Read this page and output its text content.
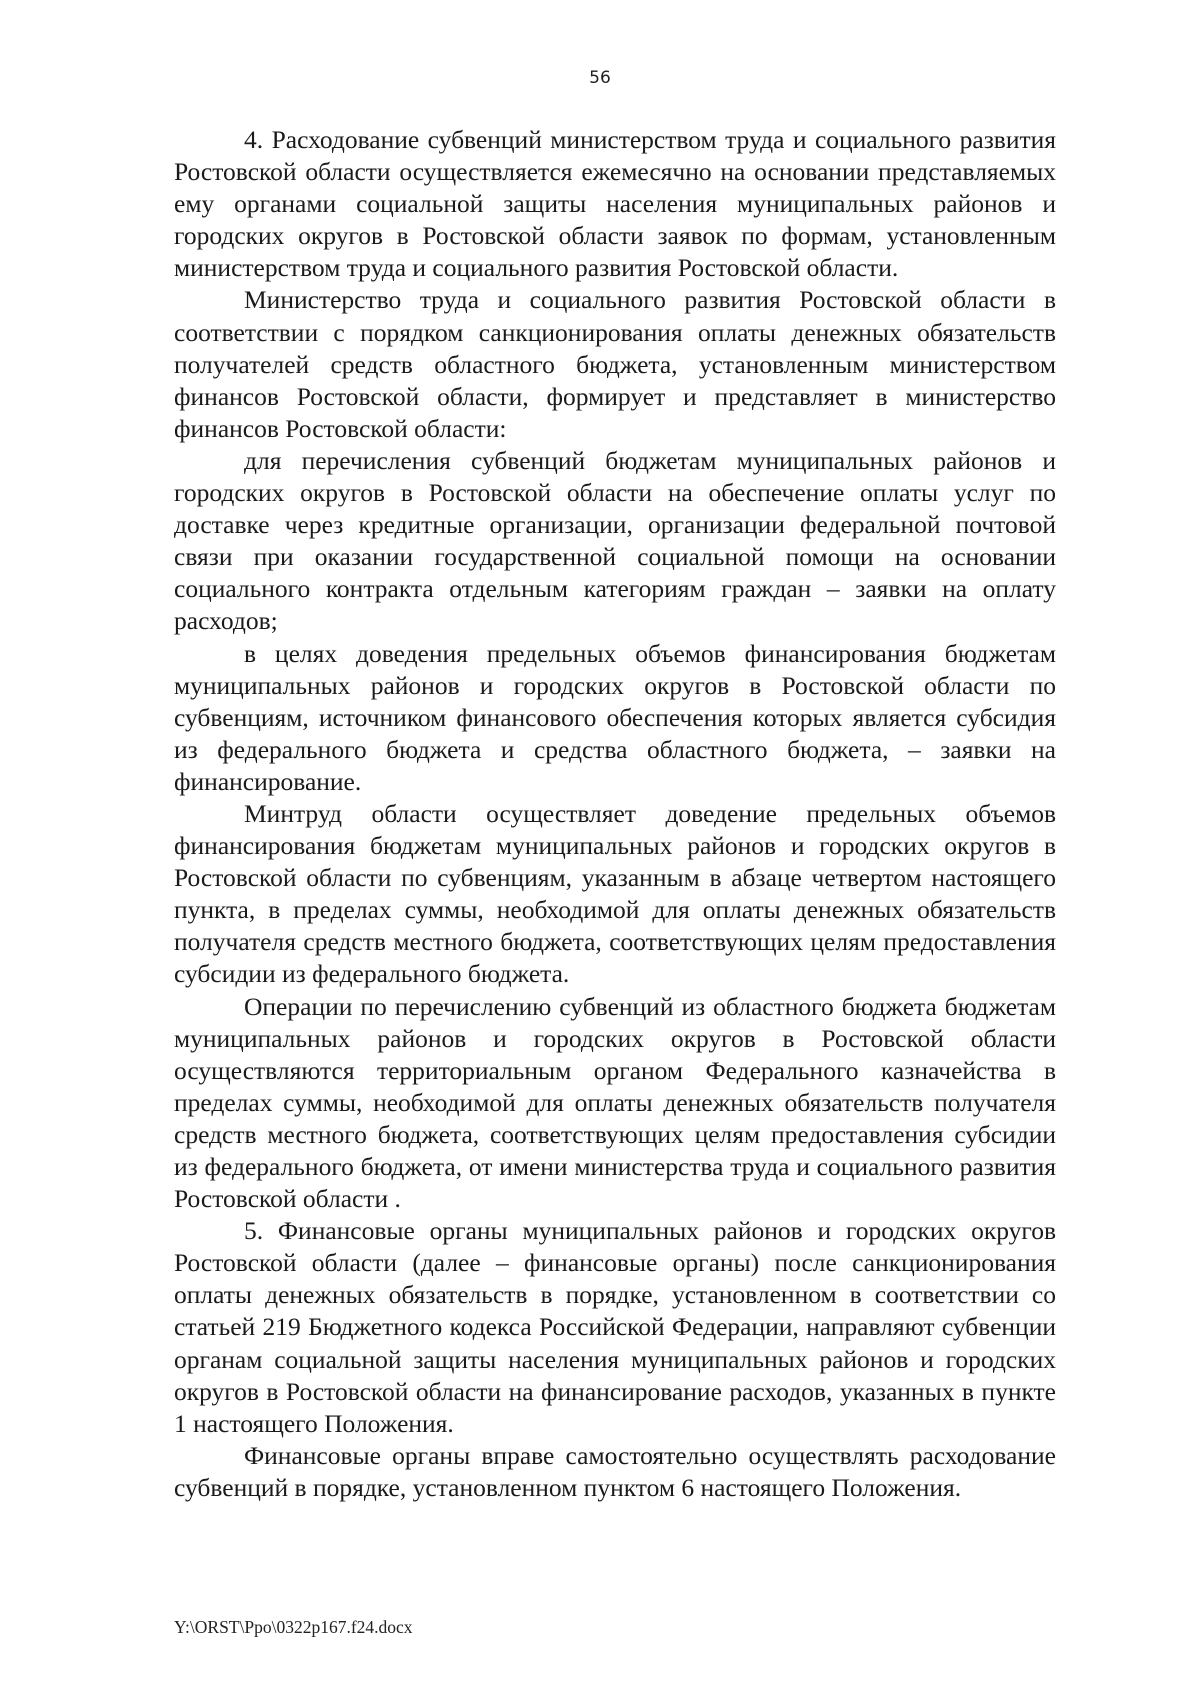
56

4. Расходование субвенций министерством труда и социального развития Ростовской области осуществляется ежемесячно на основании представляемых ему органами социальной защиты населения муниципальных районов и городских округов в Ростовской области заявок по формам, установленным министерством труда и социального развития Ростовской области.

Министерство труда и социального развития Ростовской области в соответствии с порядком санкционирования оплаты денежных обязательств получателей средств областного бюджета, установленным министерством финансов Ростовской области, формирует и представляет в министерство финансов Ростовской области:

для перечисления субвенций бюджетам муниципальных районов и городских округов в Ростовской области на обеспечение оплаты услуг по доставке через кредитные организации, организации федеральной почтовой связи при оказании государственной социальной помощи на основании социального контракта отдельным категориям граждан – заявки на оплату расходов;

в целях доведения предельных объемов финансирования бюджетам муниципальных районов и городских округов в Ростовской области по субвенциям, источником финансового обеспечения которых является субсидия из федерального бюджета и средства областного бюджета, – заявки на финансирование.

Минтруд области осуществляет доведение предельных объемов финансирования бюджетам муниципальных районов и городских округов в Ростовской области по субвенциям, указанным в абзаце четвертом настоящего пункта, в пределах суммы, необходимой для оплаты денежных обязательств получателя средств местного бюджета, соответствующих целям предоставления субсидии из федерального бюджета.

Операции по перечислению субвенций из областного бюджета бюджетам муниципальных районов и городских округов в Ростовской области осуществляются территориальным органом Федерального казначейства в пределах суммы, необходимой для оплаты денежных обязательств получателя средств местного бюджета, соответствующих целям предоставления субсидии из федерального бюджета, от имени министерства труда и социального развития Ростовской области .

5. Финансовые органы муниципальных районов и городских округов Ростовской области (далее – финансовые органы) после санкционирования оплаты денежных обязательств в порядке, установленном в соответствии со статьей 219 Бюджетного кодекса Российской Федерации, направляют субвенции органам социальной защиты населения муниципальных районов и городских округов в Ростовской области на финансирование расходов, указанных в пункте 1 настоящего Положения.

Финансовые органы вправе самостоятельно осуществлять расходование субвенций в порядке, установленном пунктом 6 настоящего Положения.

Y:\ORST\Ppo\0322p167.f24.docx
